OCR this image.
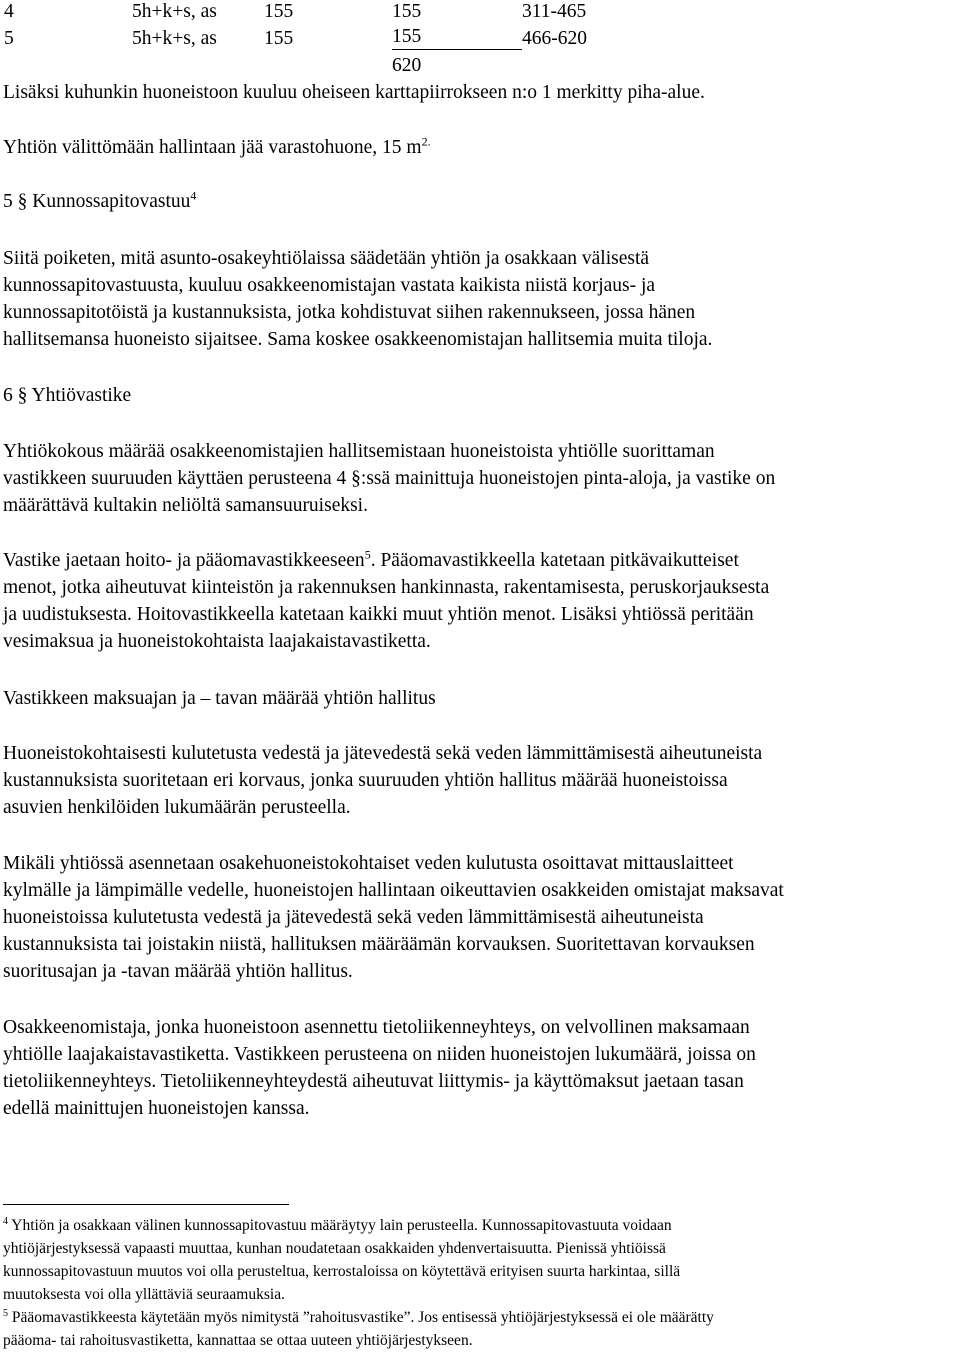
4	5h+k+s, as 155	155	311-465
5	5h+k+s, as 155	155	466-620
620
Lisäksi kuhunkin huoneistoon kuuluu oheiseen karttapiirrokseen n:o 1 merkitty piha-alue.
Yhtiön välittömään hallintaan jää varastohuone, 15 $m^{2.}$
5 § Kunnossapitovastuu$^4$
Siitä poiketen, mitä asunto-osakeyhtiölaissa säädetään yhtiön ja osakkaan välisestä
kunnossapitovastuusta, kuuluu osakkeenomistajan vastata kaikista niistä korjaus- ja
kunnossapitotöistä ja kustannuksista, jotka kohdistuvat siihen rakennukseen, jossa hänen
hallitsemansa huoneisto sijaitsee. Sama koskee osakkeenomistajan hallitsemia muita tiloja.
6 § Yhtiövastike
Yhtiökokous määrää osakkeenomistajien hallitsemistaan huoneistoista yhtiölle suorittaman
vastikkeen suuruuden käyttäen perusteena 4 §:ssä mainittuja huoneistojen pinta-aloja, ja vastike on
määrättävä kultakin neliöltä samansuuruiseksi.
Vastike jaetaan hoito- ja pääomavastikkeeseen$^5$. Pääomavastikkeella katetaan pitkävaikutteiset
menot, jotka aiheutuvat kiinteistön ja rakennuksen hankinnasta, rakentamisesta, peruskorjauksesta
ja uudistuksesta. Hoitovastikkeella katetaan kaikki muut yhtiön menot. Lisäksi yhtiössä peritään
vesimaksua ja huoneistokohtaista laajakaistavastiketta.
Vastikkeen maksuajan ja – tavan määrää yhtiön hallitus
Huoneistokohtaisesti kulutetusta vedestä ja jätevedestä sekä veden lämmittämisestä aiheutuneista
kustannuksista suoritetaan eri korvaus, jonka suuruuden yhtiön hallitus määrää huoneistoissa
asuvien henkilöiden lukumäärän perusteella.
Mikäli yhtiössä asennetaan osakehuoneistokohtaiset veden kulutusta osoittavat mittauslaitteet
kylmälle ja lämpimälle vedelle, huoneistojen hallintaan oikeuttavien osakkeiden omistajat maksavat
huoneistoissa kulutetusta vedestä ja jätevedestä sekä veden lämmittämisestä aiheutuneista
kustannuksista tai joistakin niistä, hallituksen määräämän korvauksen. Suoritettavan korvauksen
suoritusajan ja -tavan määrää yhtiön hallitus.
Osakkeenomistaja, jonka huoneistoon asennettu tietoliikenneyhteys, on velvollinen maksamaan
yhtiölle laajakaistavastiketta. Vastikkeen perusteena on niiden huoneistojen lukumäärä, joissa on
tietoliikenneyhteys. Tietoliikenneyhteydestä aiheutuvat liittymis- ja käyttömaksut jaetaan tasan
edellä mainittujen huoneistojen kanssa.
$^4$ Yhtiön ja osakkaan välinen kunnossapitovastuu määräytyy lain perusteella. Kunnossapitovastuuta voidaan
yhtiöjärjestyksessä vapaasti muuttaa, kunhan noudatetaan osakkaiden yhdenvertaisuutta. Pienissä yhtiöissä
kunnossapitovastuun muutos voi olla perusteltua, kerrostaloissa on köytettävä erityisen suurta harkintaa, sillä
muutoksesta voi olla yllättäviä seuraamuksia.
$^5$ Pääomavastikkeesta käytetään myös nimitystä ”rahoitusvastike”. Jos entisessä yhtiöjärjestyksessä ei ole määrätty
pääoma- tai rahoitusvastiketta, kannattaa se ottaa uuteen yhtiöjärjestykseen.
